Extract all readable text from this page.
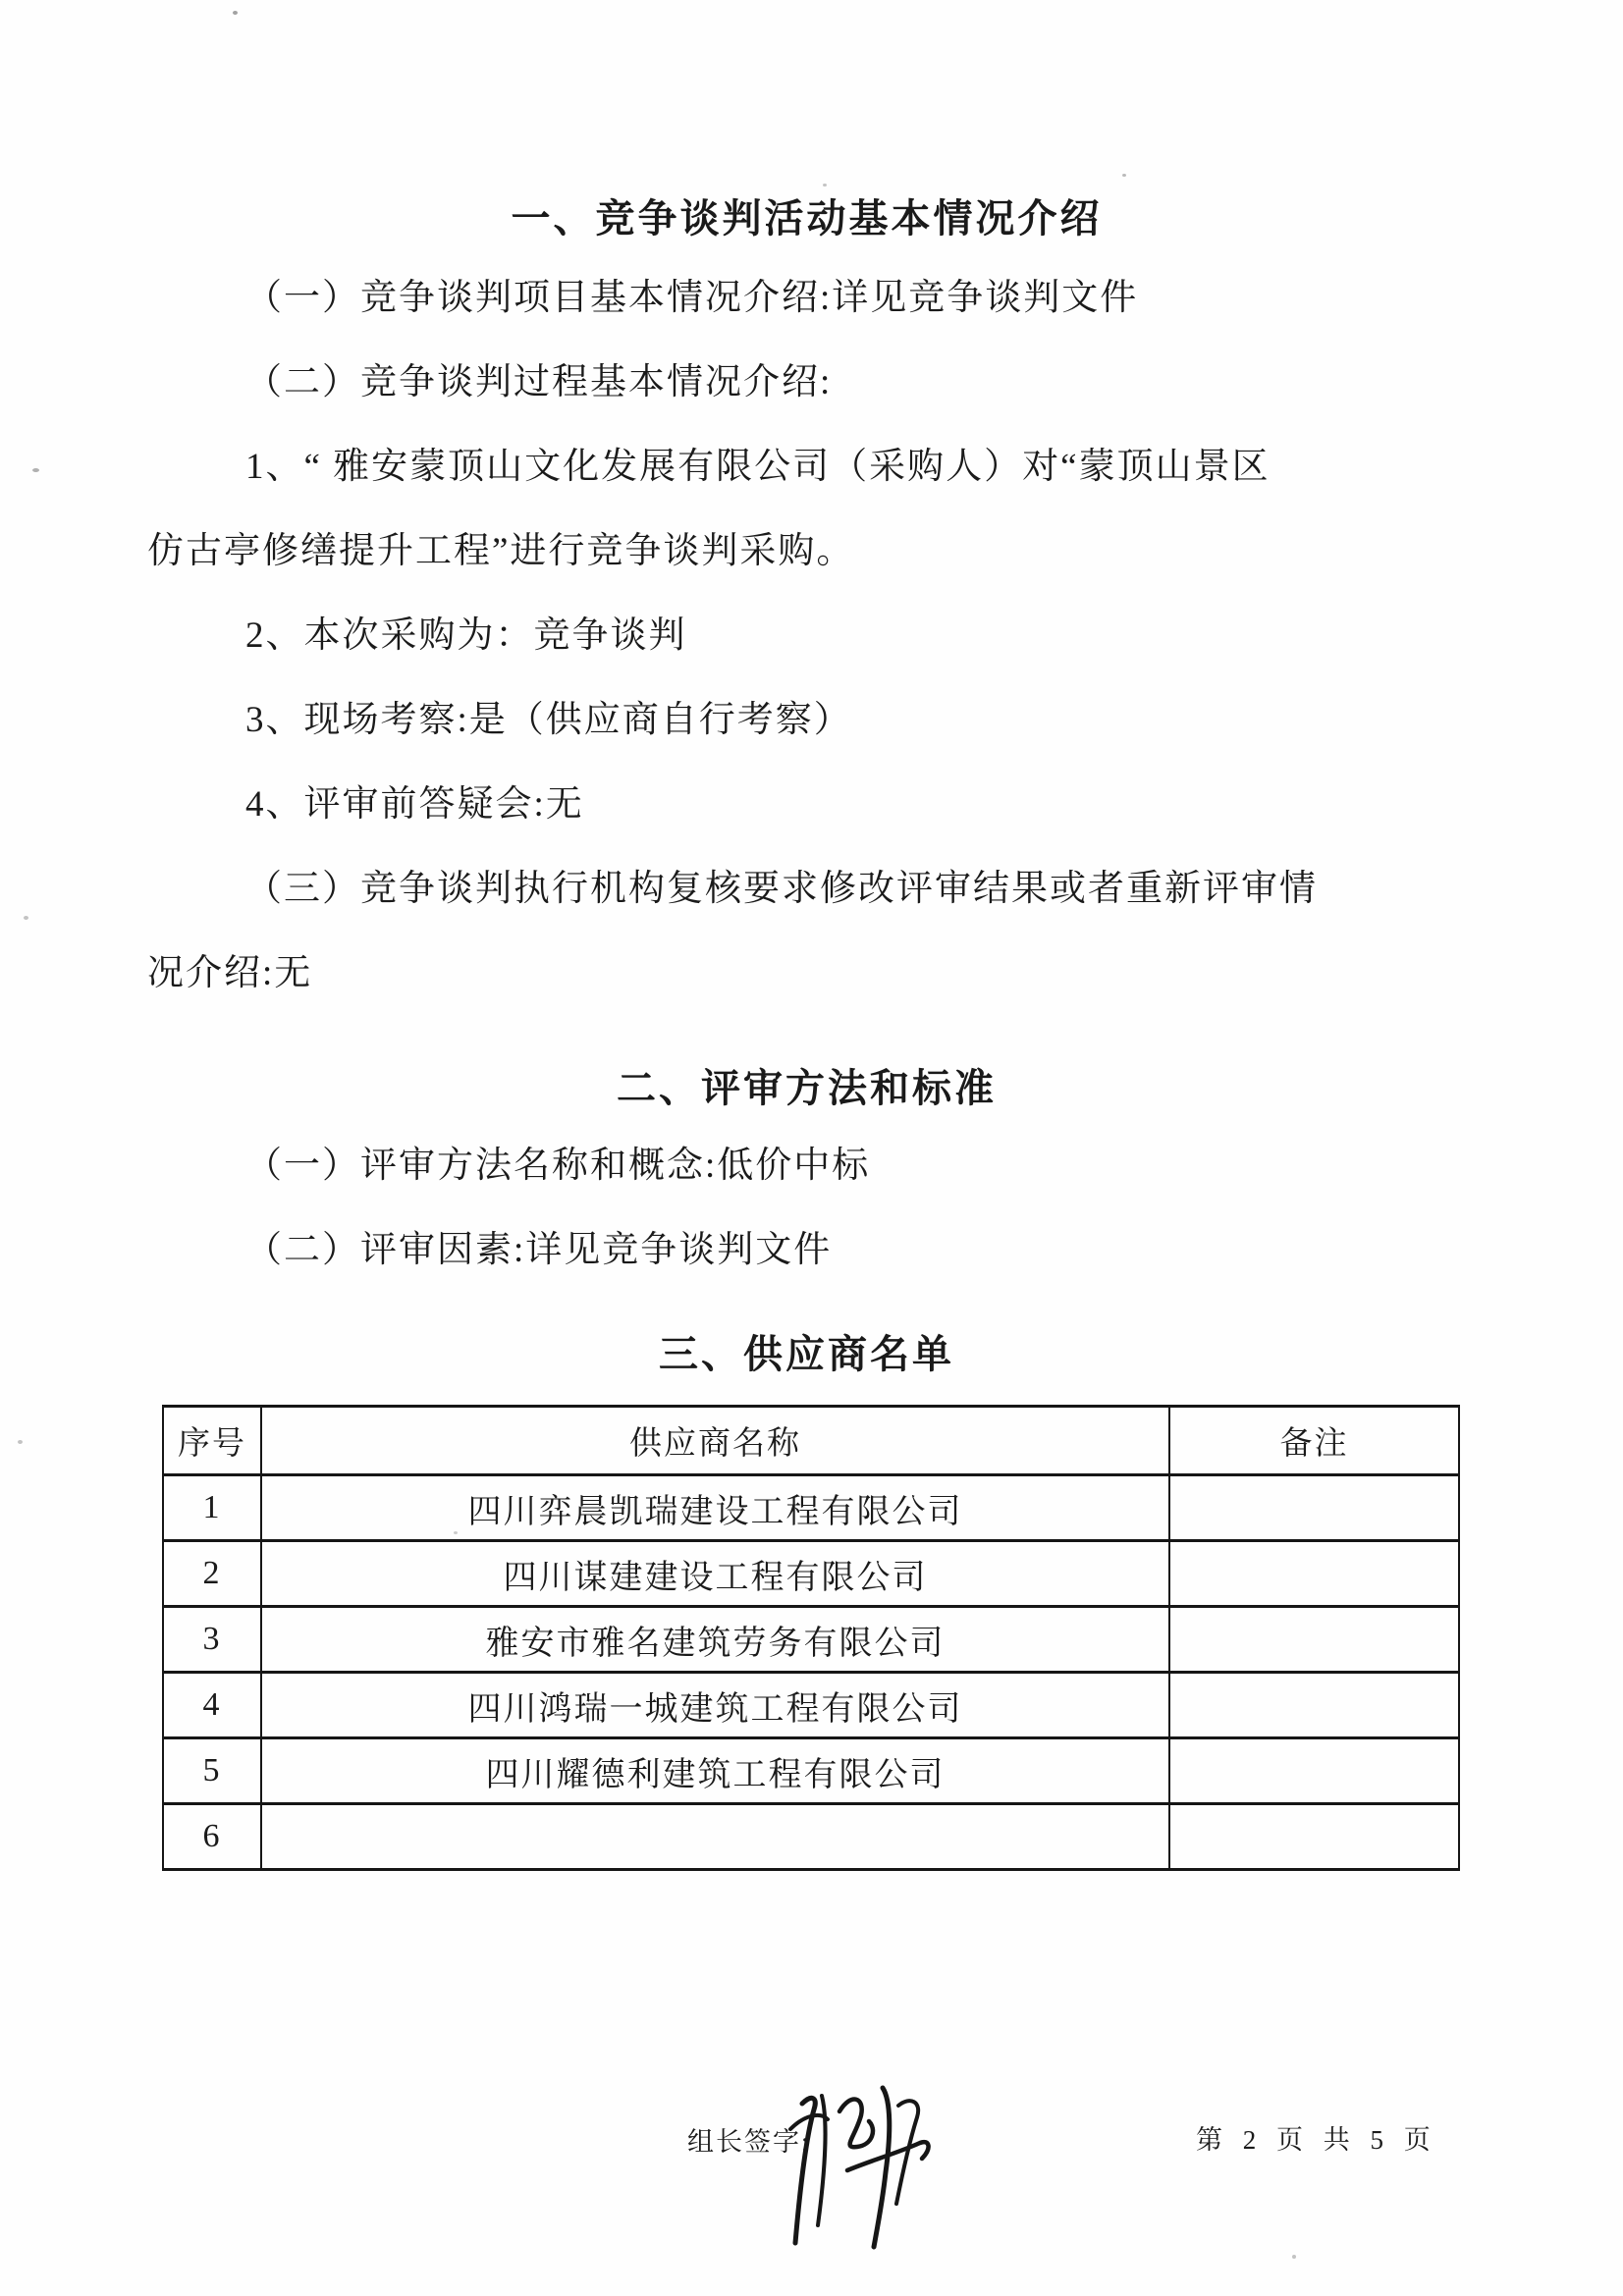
一、竞争谈判活动基本情况介绍
（一）竞争谈判项目基本情况介绍:详见竞争谈判文件
（二）竞争谈判过程基本情况介绍:
1、“ 雅安蒙顶山文化发展有限公司（采购人）对“蒙顶山景区
仿古亭修缮提升工程”进行竞争谈判采购。
2、本次采购为：竞争谈判
3、现场考察:是（供应商自行考察）
4、评审前答疑会:无
（三）竞争谈判执行机构复核要求修改评审结果或者重新评审情
况介绍:无
二、评审方法和标准
（一）评审方法名称和概念:低价中标
（二）评审因素:详见竞争谈判文件
三、供应商名单
序号	供应商名称	备注
1	四川弈晨凯瑞建设工程有限公司	
2	四川谋建建设工程有限公司	
3	雅安市雅名建筑劳务有限公司	
4	四川鸿瑞一城建筑工程有限公司	
5	四川耀德利建筑工程有限公司	
6		
组长签字:	第 2 页 共 5 页
